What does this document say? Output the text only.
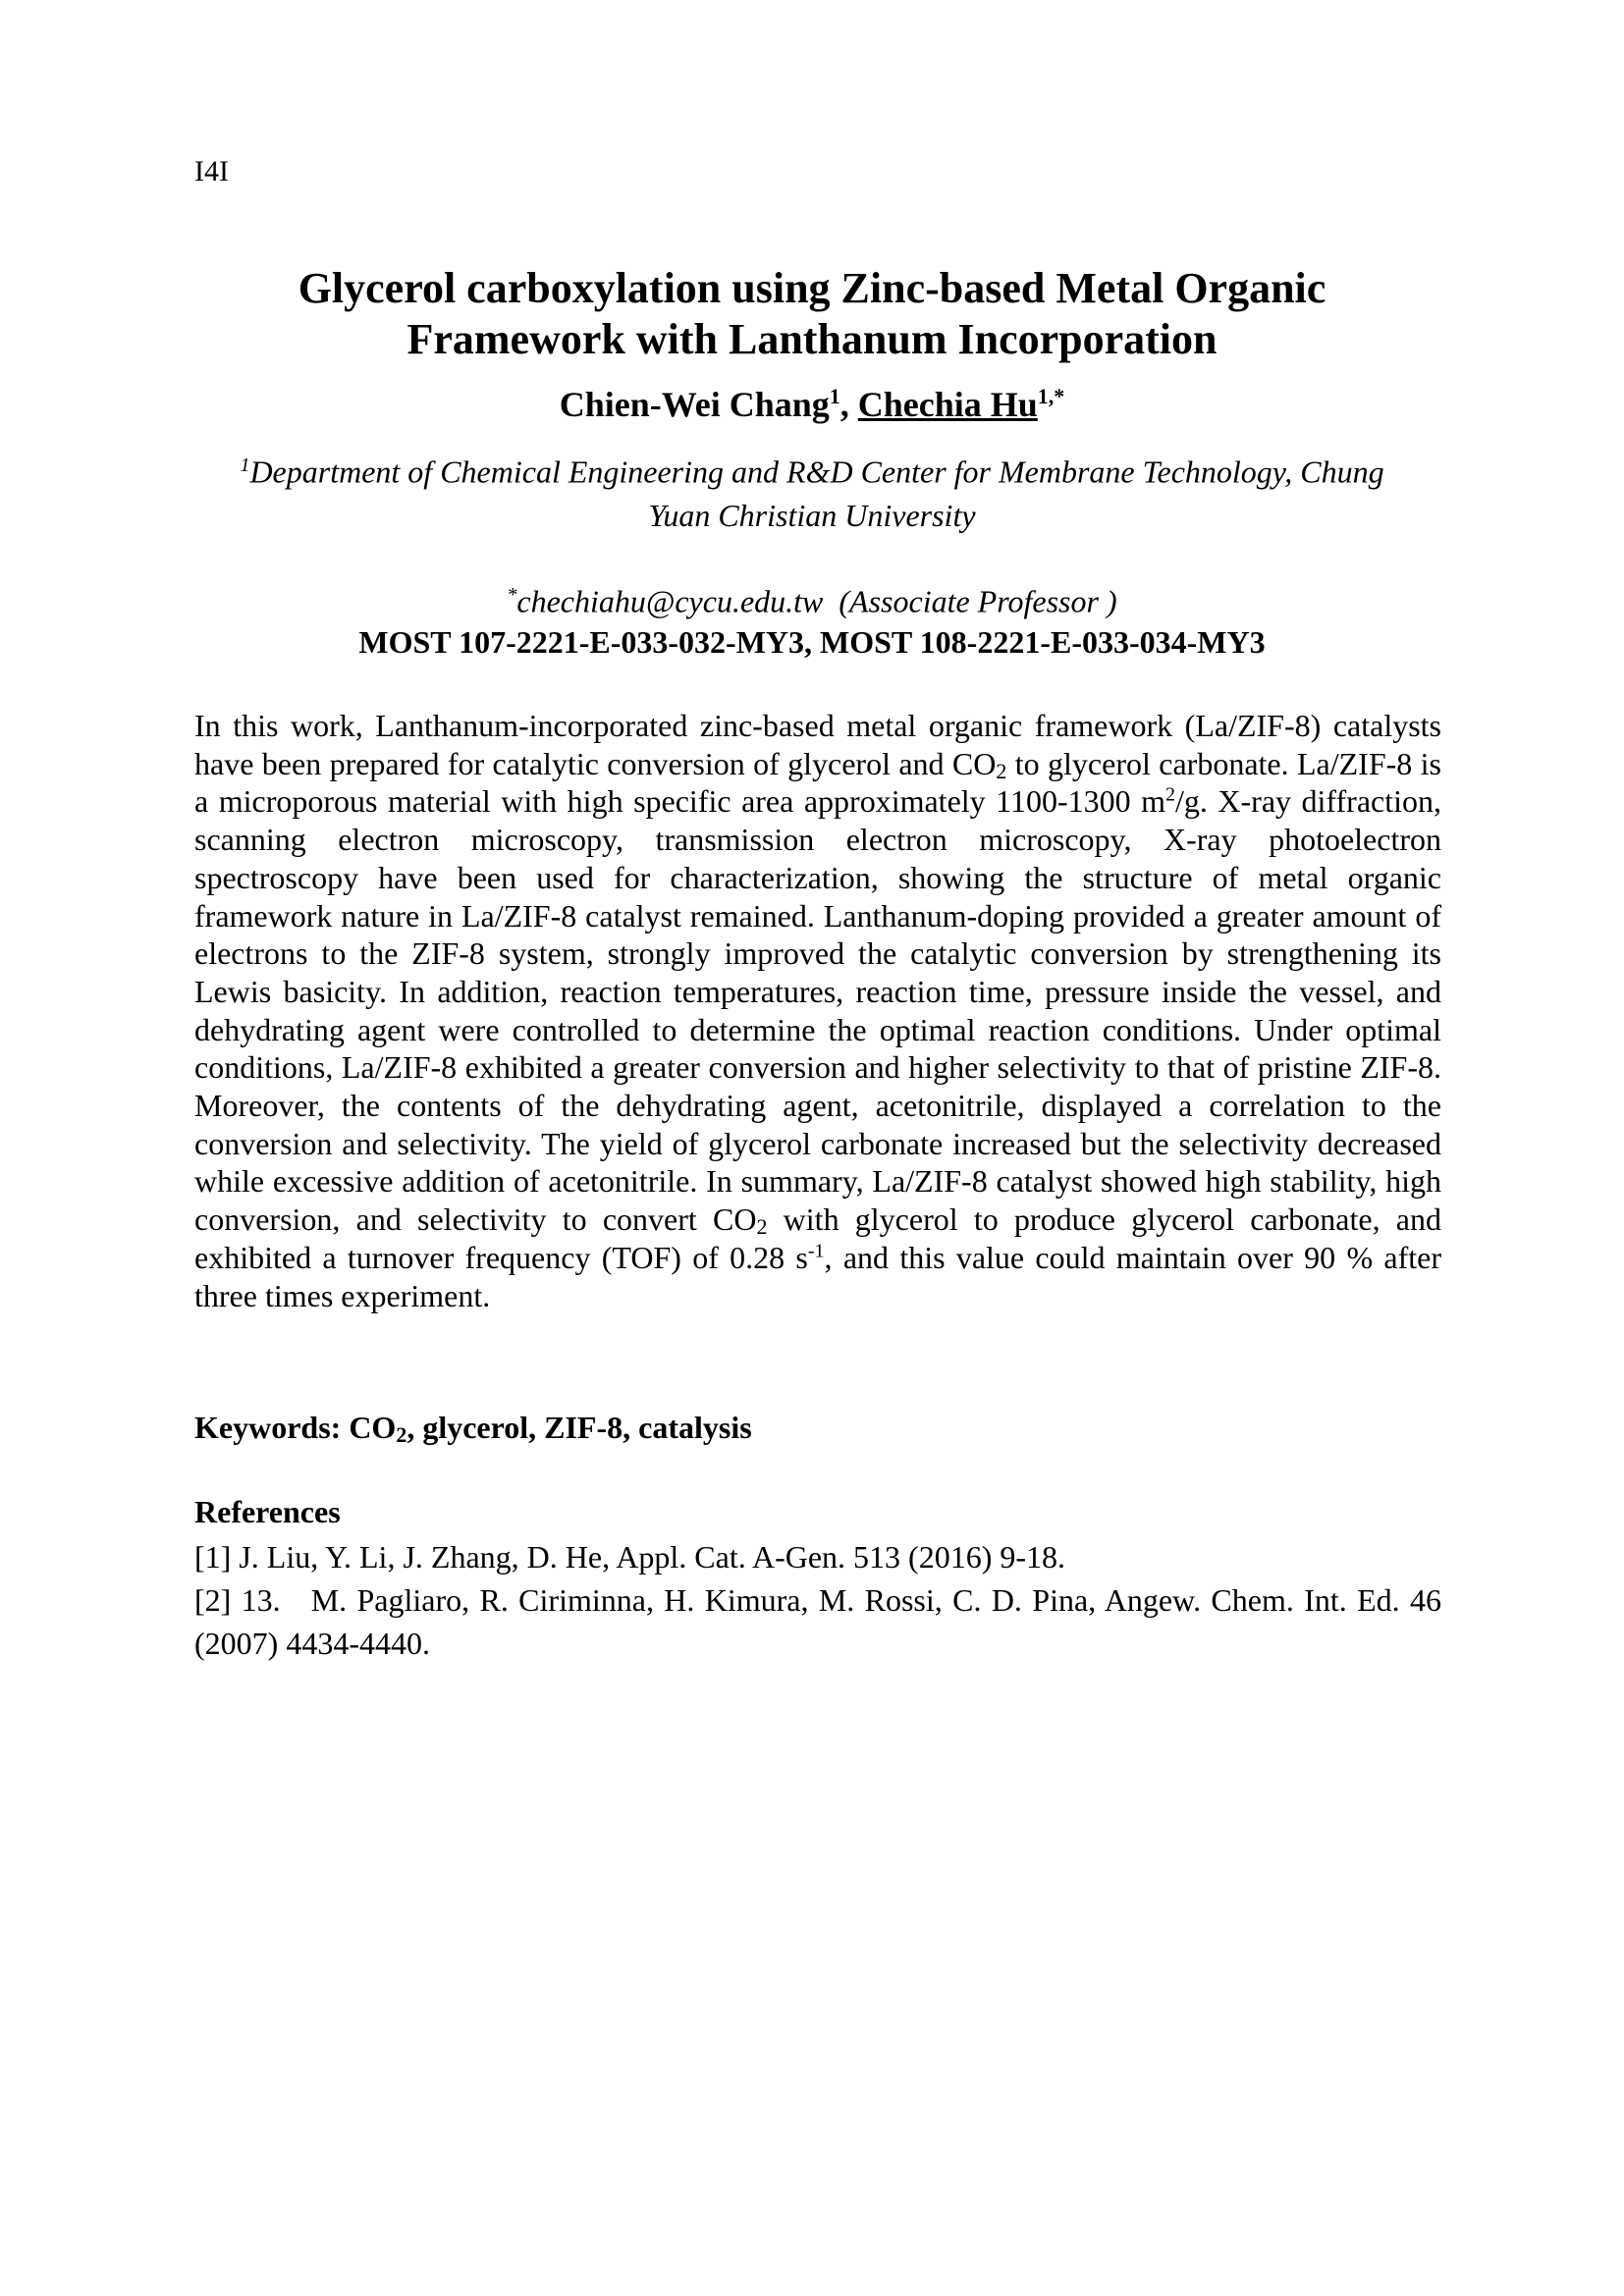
I4I
Glycerol carboxylation using Zinc-based Metal Organic
Framework with Lanthanum Incorporation
Chien-Wei Chang$^1$, Chechia $Hu^{1,*}$
$^1$Department of Chemical Engineering and R&D Center for Membrane Technology, Chung
Yuan Christian University
*chechiahu@cycu.edu.tw  (Associate Professor )
MOST 107-2221-E-033-032-MY3, MOST 108-2221-E-033-034-MY3

In this work, Lanthanum-incorporated zinc-based metal organic framework (La/ZIF-8) catalysts have been prepared for catalytic conversion of glycerol and $CO_2$ to glycerol carbonate. La/ZIF-8 is a microporous material with high specific area approximately 1100-1300 $m^2/g$. X-ray diffraction, scanning electron microscopy, transmission electron microscopy, X-ray photoelectron spectroscopy have been used for characterization, showing the structure of metal organic framework nature in La/ZIF-8 catalyst remained. Lanthanum-doping provided a greater amount of electrons to the ZIF-8 system, strongly improved the catalytic conversion by strengthening its Lewis basicity. In addition, reaction temperatures, reaction time, pressure inside the vessel, and dehydrating agent were controlled to determine the optimal reaction conditions. Under optimal conditions, La/ZIF-8 exhibited a greater conversion and higher selectivity to that of pristine ZIF-8. Moreover, the contents of the dehydrating agent, acetonitrile, displayed a correlation to the conversion and selectivity. The yield of glycerol carbonate increased but the selectivity decreased while excessive addition of acetonitrile. In summary, La/ZIF-8 catalyst showed high stability, high conversion, and selectivity to convert $CO_2$ with glycerol to produce glycerol carbonate, and exhibited a turnover frequency (TOF) of 0.28 $s^{-1}$, and this value could maintain over 90 % after three times experiment.

Keywords: $CO_2$, glycerol, ZIF-8, catalysis
References
[1] J. Liu, Y. Li, J. Zhang, D. He, Appl. Cat. A-Gen. 513 (2016) 9-18.
[2] 13.   M. Pagliaro, R. Ciriminna, H. Kimura, M. Rossi, C. D. Pina, Angew. Chem. Int. Ed. 46 (2007) 4434-4440.
